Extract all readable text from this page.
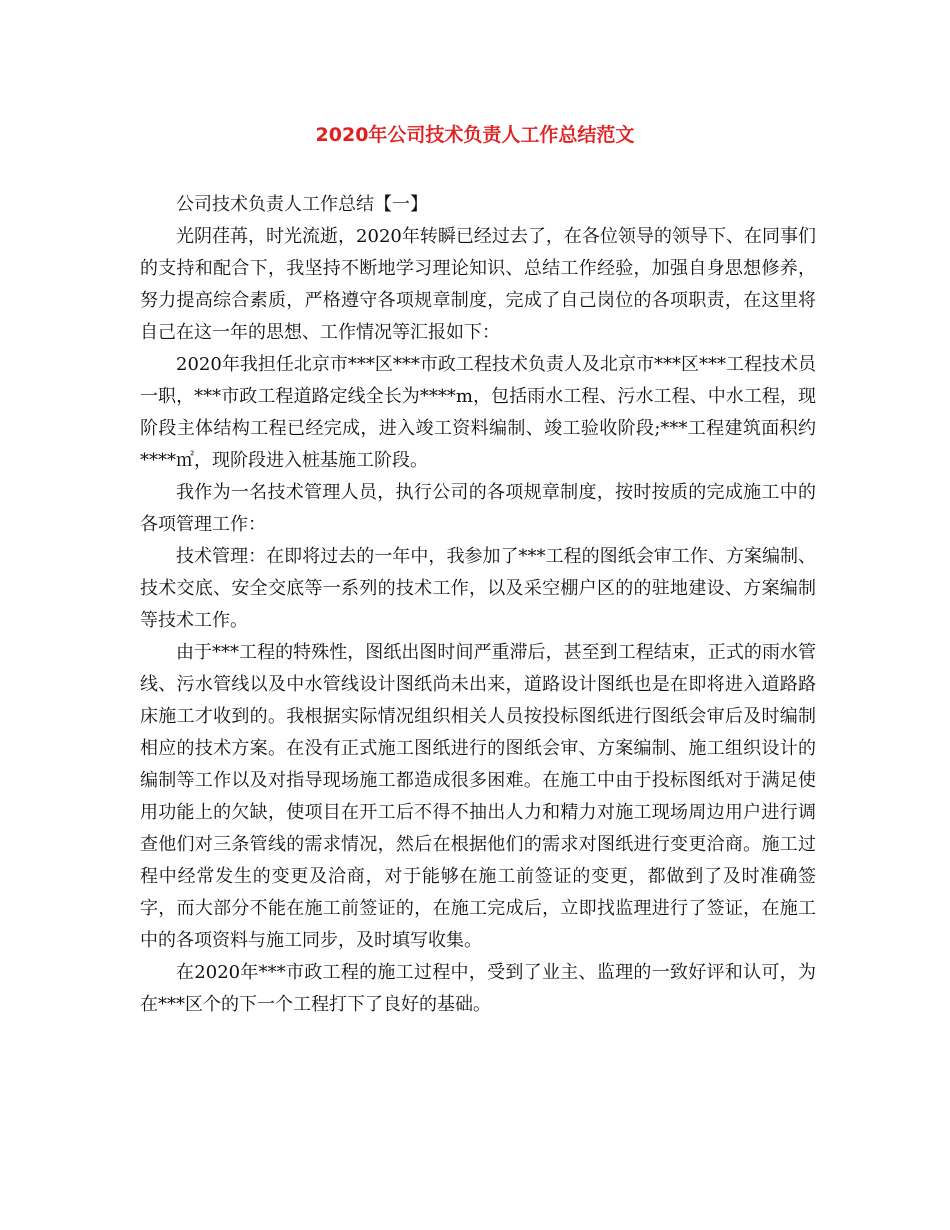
2020年公司技术负责人工作总结范文

公司技术负责人工作总结【一】

光阴荏苒，时光流逝，2020年转瞬已经过去了，在各位领导的领导下、在同事们的支持和配合下，我坚持不断地学习理论知识、总结工作经验，加强自身思想修养，努力提高综合素质，严格遵守各项规章制度，完成了自己岗位的各项职责，在这里将自己在这一年的思想、工作情况等汇报如下：

2020年我担任北京市***区***市政工程技术负责人及北京市***区***工程技术员一职，***市政工程道路定线全长为****m，包括雨水工程、污水工程、中水工程，现阶段主体结构工程已经完成，进入竣工资料编制、竣工验收阶段;***工程建筑面积约****㎡，现阶段进入桩基施工阶段。

我作为一名技术管理人员，执行公司的各项规章制度，按时按质的完成施工中的各项管理工作：

技术管理：在即将过去的一年中，我参加了***工程的图纸会审工作、方案编制、技术交底、安全交底等一系列的技术工作，以及采空棚户区的的驻地建设、方案编制等技术工作。

由于***工程的特殊性，图纸出图时间严重滞后，甚至到工程结束，正式的雨水管线、污水管线以及中水管线设计图纸尚未出来，道路设计图纸也是在即将进入道路路床施工才收到的。我根据实际情况组织相关人员按投标图纸进行图纸会审后及时编制相应的技术方案。在没有正式施工图纸进行的图纸会审、方案编制、施工组织设计的编制等工作以及对指导现场施工都造成很多困难。在施工中由于投标图纸对于满足使用功能上的欠缺，使项目在开工后不得不抽出人力和精力对施工现场周边用户进行调查他们对三条管线的需求情况，然后在根据他们的需求对图纸进行变更洽商。施工过程中经常发生的变更及洽商，对于能够在施工前签证的变更，都做到了及时准确签字，而大部分不能在施工前签证的，在施工完成后，立即找监理进行了签证，在施工中的各项资料与施工同步，及时填写收集。

在2020年***市政工程的施工过程中，受到了业主、监理的一致好评和认可，为在***区个的下一个工程打下了良好的基础。
